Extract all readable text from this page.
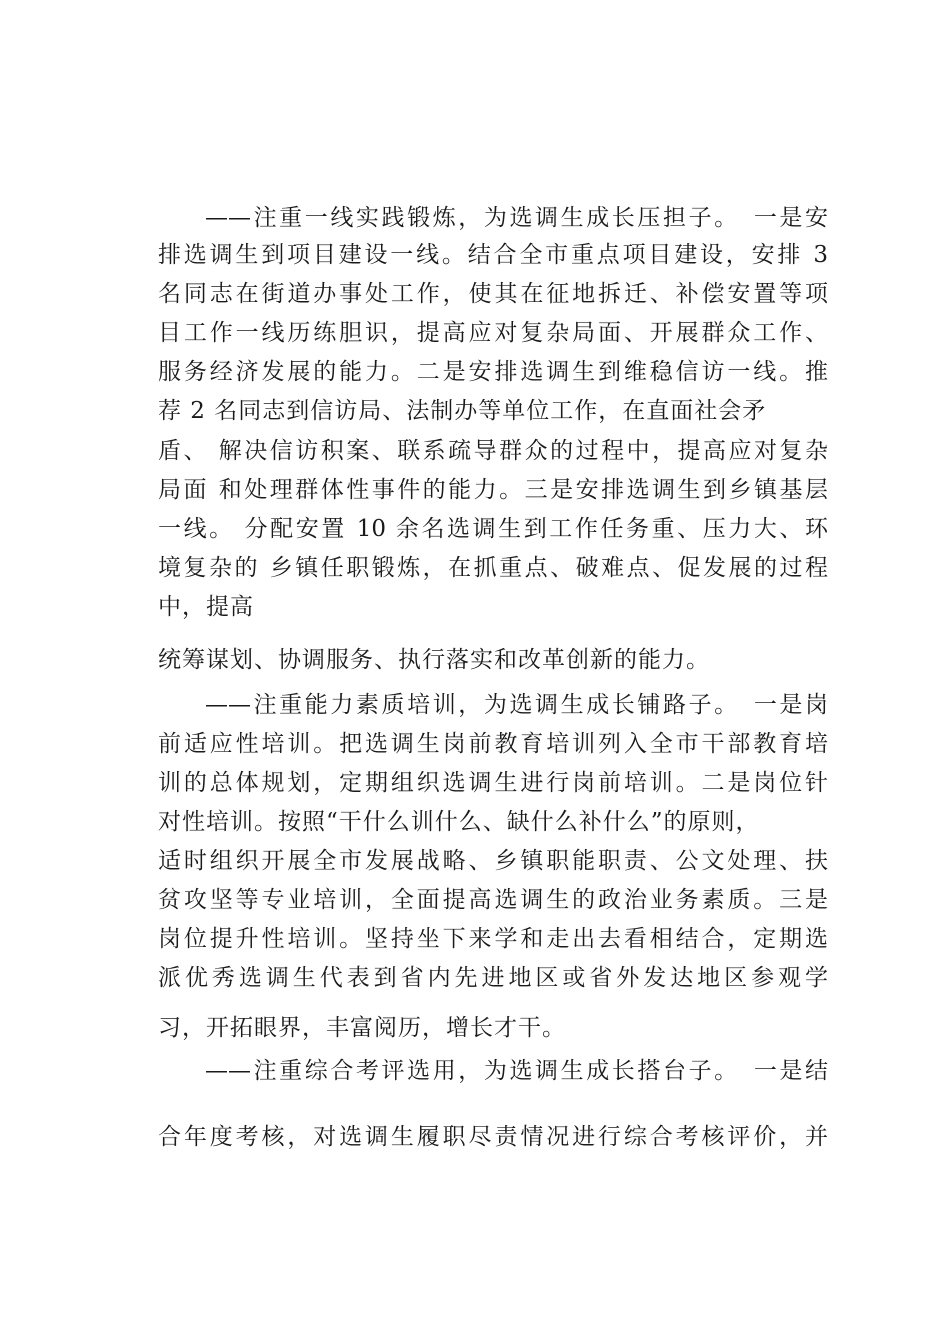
——注重一线实践锻炼，为选调生成长压担子。　一是安
排选调生到项目建设一线。结合全市重点项目建设，安排 3
名同志在街道办事处工作，使其在征地拆迁、补偿安置等项
目工作一线历练胆识，提高应对复杂局面、开展群众工作、
服务经济发展的能力。二是安排选调生到维稳信访一线。推
荐 2 名同志到信访局、法制办等单位工作，在直面社会矛
盾、 解决信访积案、联系疏导群众的过程中，提高应对复杂
局面 和处理群体性事件的能力。三是安排选调生到乡镇基层
一线。 分配安置 10 余名选调生到工作任务重、压力大、环
境复杂的 乡镇任职锻炼，在抓重点、破难点、促发展的过程
中，提高
统筹谋划、协调服务、执行落实和改革创新的能力。
——注重能力素质培训，为选调生成长铺路子。　一是岗
前适应性培训。把选调生岗前教育培训列入全市干部教育培
训的总体规划，定期组织选调生进行岗前培训。二是岗位针
对性培训。按照“干什么训什么、缺什么补什么”的原则，
适时组织开展全市发展战略、乡镇职能职责、公文处理、扶
贫攻坚等专业培训，全面提高选调生的政治业务素质。三是
岗位提升性培训。坚持坐下来学和走出去看相结合，定期选
派优秀选调生代表到省内先进地区或省外发达地区参观学
习，开拓眼界，丰富阅历，增长才干。
——注重综合考评选用，为选调生成长搭台子。　一是结
合年度考核，对选调生履职尽责情况进行综合考核评价，并
